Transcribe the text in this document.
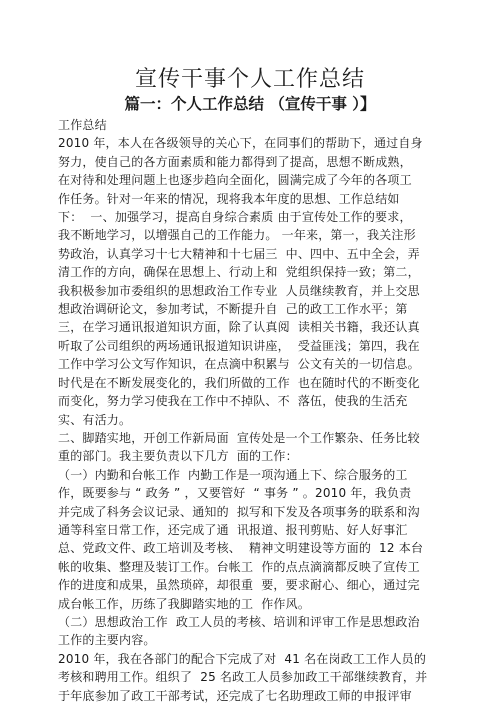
宣传干事个人工作总结
篇一：个人工作总结 （宣传干事 ）】

工作总结

2010 年，本人在各级领导的关心下，在同事们的帮助下，通过自身

努力，使自己的各方面素质和能力都得到了提高，思想不断成熟，

在对待和处理问题上也逐步趋向全面化，圆满完成了今年的各项工

作任务。针对一年来的情况，现将我本年度的思想、工作总结如

下：  一、加强学习，提高自身综合素质 由于宣传处工作的要求，

我不断地学习，以增强自己的工作能力。 一年来，第一，我关注形

势政治，认真学习十七大精神和十七届三  中、四中、五中全会，弄

清工作的方向，确保在思想上、行动上和  党组织保持一致；第二，

我积极参加市委组织的思想政治工作专业  人员继续教育，并上交思

想政治调研论文，参加考试，不断提升自  己的政工工作水平；第

三，在学习通讯报道知识方面，除了认真阅  读相关书籍，我还认真

听取了公司组织的两场通讯报道知识讲座，  受益匪浅；第四，我在

工作中学习公文写作知识，在点滴中积累与  公文有关的一切信息。

时代是在不断发展变化的，我们所做的工作  也在随时代的不断变化

而变化，努力学习使我在工作中不掉队、不  落伍，使我的生活充

实、有活力。

二、脚踏实地，开创工作新局面  宣传处是一个工作繁杂、任务比较

重的部门。我主要负责以下几方  面的工作：

（一）内勤和台帐工作  内勤工作是一项沟通上下、综合服务的工

作，既要参与 “ 政务 ” ，又要管好  “ 事务 ” 。2010 年，我负责

并完成了科务会议记录、通知的  拟写和下发及各项事务的联系和沟

通等科室日常工作，还完成了通  讯报道、报刊剪贴、好人好事汇

总、党政文件、政工培训及考核、  精神文明建设等方面的  12 本台

帐的收集、整理及装订工作。台帐工  作的点点滴滴都反映了宣传工

作的进度和成果，虽然琐碎，却很重  要，要求耐心、细心，通过完

成台帐工作，历练了我脚踏实地的工  作作风。

（二）思想政治工作  政工人员的考核、培训和评审工作是思想政治

工作的主要内容。

2010 年，我在各部门的配合下完成了对  41 名在岗政工工作人员的

考核和聘用工作。组织了  25 名政工人员参加政工干部继续教育，并

于年底参加了政工干部考试，还完成了七名助理政工师的申报评审
